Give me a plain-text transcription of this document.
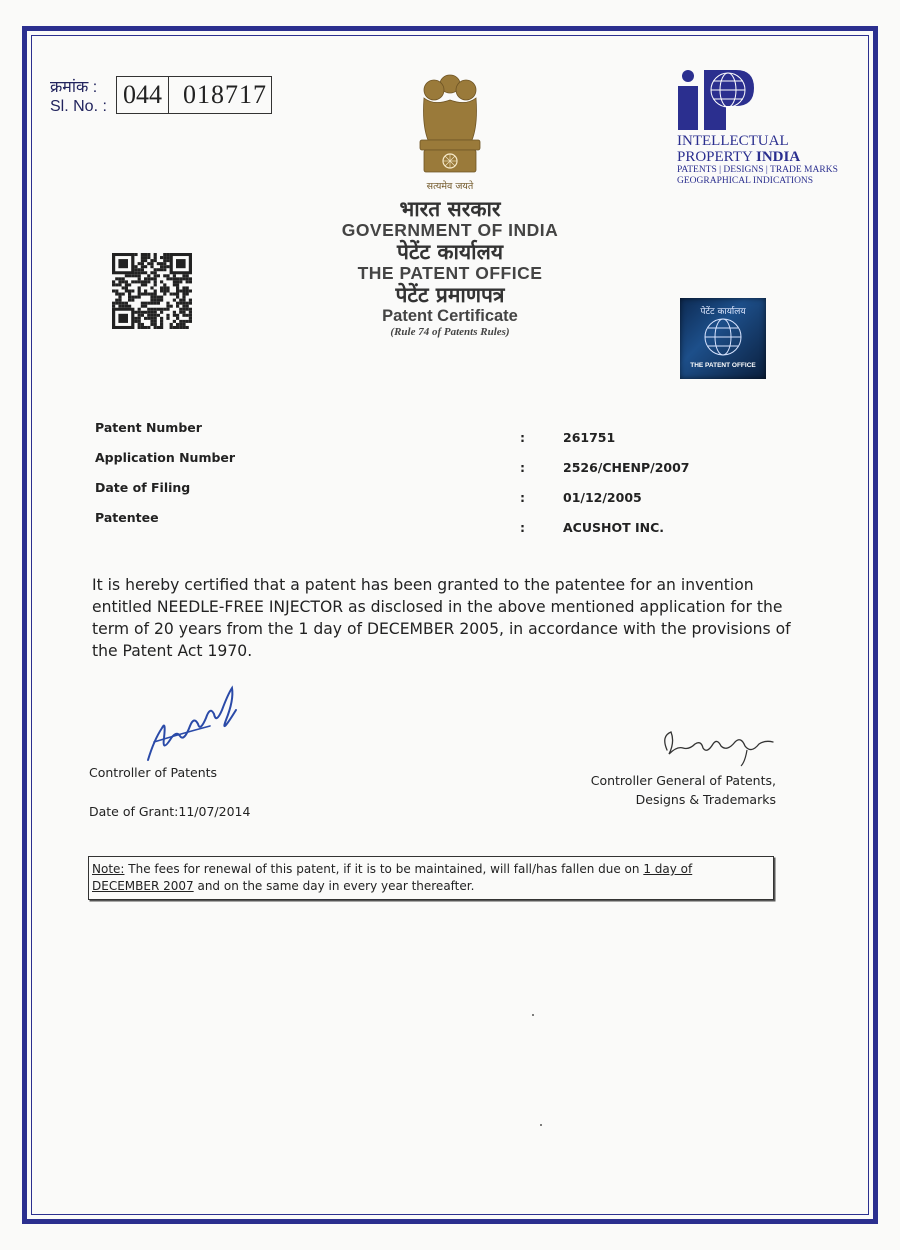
क्रमांक :
Sl. No. : 044 018717
सत्यमेव जयते
INTELLECTUAL
PROPERTY INDIA
PATENTS | DESIGNS | TRADE MARKS
GEOGRAPHICAL INDICATIONS
भारत सरकार
GOVERNMENT OF INDIA
पेटेंट कार्यालय
THE PATENT OFFICE
पेटेंट प्रमाणपत्र
Patent Certificate
(Rule 74 of Patents Rules)
पेटेंट कार्यालय
THE PATENT OFFICE
Patent Number
:	261751
Application Number
:	2526/CHENP/2007
Date of Filing
:	01/12/2005
Patentee
:	ACUSHOT INC.
It is hereby certified that a patent has been granted to the patentee for an invention
entitled NEEDLE-FREE INJECTOR as disclosed in the above mentioned application for the
term of 20 years from the 1 day of DECEMBER 2005, in accordance with the provisions of
the Patent Act 1970.
Controller of Patents
Date of Grant:11/07/2014
Controller General of Patents,
Designs & Trademarks
Note: The fees for renewal of this patent, if it is to be maintained, will fall/has fallen due on 1 day of
DECEMBER 2007 and on the same day in every year thereafter.
